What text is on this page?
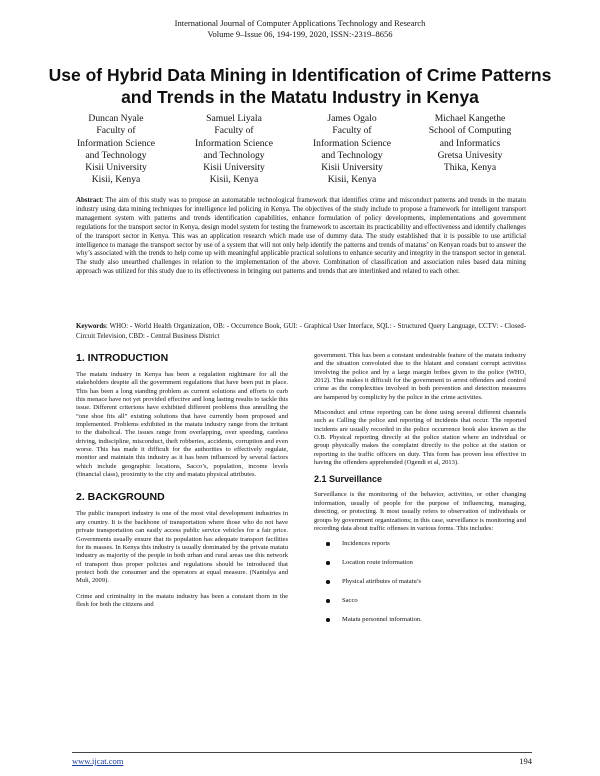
International Journal of Computer Applications Technology and Research
Volume 9–Issue 06, 194-199, 2020, ISSN:-2319–8656
Use of Hybrid Data Mining in Identification of Crime Patterns and Trends in the Matatu Industry in Kenya
Duncan Nyale
Faculty of
Information Science
and Technology
Kisii University
Kisii, Kenya
Samuel Liyala
Faculty of
Information Science
and Technology
Kisii University
Kisii, Kenya
James Ogalo
Faculty of
Information Science
and Technology
Kisii University
Kisii, Kenya
Michael Kangethe
School of Computing
and Informatics
Gretsa Univesity
Thika, Kenya

Abstract: The aim of this study was to propose an automatable technological framework that identifies crime and misconduct patterns and trends in the matatu industry using data mining techniques for intelligence led policing in Kenya. The objectives of the study include to propose a framework for intelligent transport management system with patterns and trends identification capabilities, enhance formulation of policy developments, implementations and government regulations for the transport sector in Kenya, design model system for testing the framework to ascertain its practicability and effectiveness and identify challenges of the transport sector in Kenya. This was an application research which made use of dummy data. The study established that it is possible to use artificial intelligence to manage the transport sector by use of a system that will not only help identify the patterns and trends of matatus’ on Kenyan roads but to answer the why’s associated with the trends to help come up with meaningful applicable practical solutions to enhance security and integrity in the transport sector in general. The study also unearthed challenges in relation to the implementation of the above. Combination of classification and association rules based data mining approach was utilized for this study due to its effectiveness in bringing out patterns and trends that are interlinked and related to each other.

Keywords: WHO: - World Health Organization, OB: - Occurrence Book, GUI: - Graphical User Interface, SQL: - Structured Query Language, CCTV: - Closed-Circuit Television, CBD: - Central Business District

1. INTRODUCTION

The matatu industry in Kenya has been a regulation nightmare for all the stakeholders despite all the government regulations that have been put in place. This has been a long standing problem as current solutions and efforts to curb this menace have not yet provided effective and long lasting results to tackle this issue. Different criterions have exhibited different problems thus annulling the “one shoe fits all” existing solutions that have currently been proposed and implemented. Problems exhibited in the matatu industry range from the irritant to the diabolical. The issues range from overlapping, over speeding, careless driving, indiscipline, misconduct, theft robberies, accidents, corruption and even worse. This has made it difficult for the authorities to effectively regulate, monitor and maintain this industry as it has been influenced by several factors which include geographic locations, Sacco’s, population, income levels (financial class), proximity to the city and matatu physical attributes.

2. BACKGROUND

The public transport industry is one of the most vital development industries in any country. It is the backbone of transportation where those who do not have private transportation can easily access public service vehicles for a fair price. Governments usually ensure that its population has adequate transport facilities for its masses. In Kenya this industry is usually dominated by the private matatu industry as majority of the people in both urban and rural areas use this network of transport thus proper policies and regulations should be introduced that protect both the consumer and the operators at equal measure. (Nantulya and Muli, 2009).

Crime and criminality in the matatu industry has been a constant thorn in the flesh for both the citizens and

government. This has been a constant undesirable feature of the matatu industry and the situation convoluted due to the blatant and constant corrupt activities involving the police and by a large margin bribes given to the police (WHO, 2012). This makes it difficult for the government to arrest offenders and control crime as the complexities involved in both prevention and detection measures are hampered by complicity by the police in the crime activities.

Misconduct and crime reporting can be done using several different channels such as Calling the police and reporting of incidents that occur. The reported incidents are usually recorded in the police occurrence book also known as the O.B. Physical reporting directly at the police station where an individual or group physically makes the complaint directly to the police at the station or reporting to the traffic officers on duty. This form has proven less effective in having the offenders apprehended (Ogendi et al, 2013).

2.1 Surveillance

Surveillance is the monitoring of the behavior, activities, or other changing information, usually of people for the purpose of influencing, managing, directing, or protecting. It most usually refers to observation of individuals or groups by government organizations; in this case, surveillance is monitoring and recording data about traffic offenses in various forms. This includes:

Incidences reports
Location route information
Physical attributes of matatu’s
Sacco
Matatu personnel information.
www.ijcat.com	194
